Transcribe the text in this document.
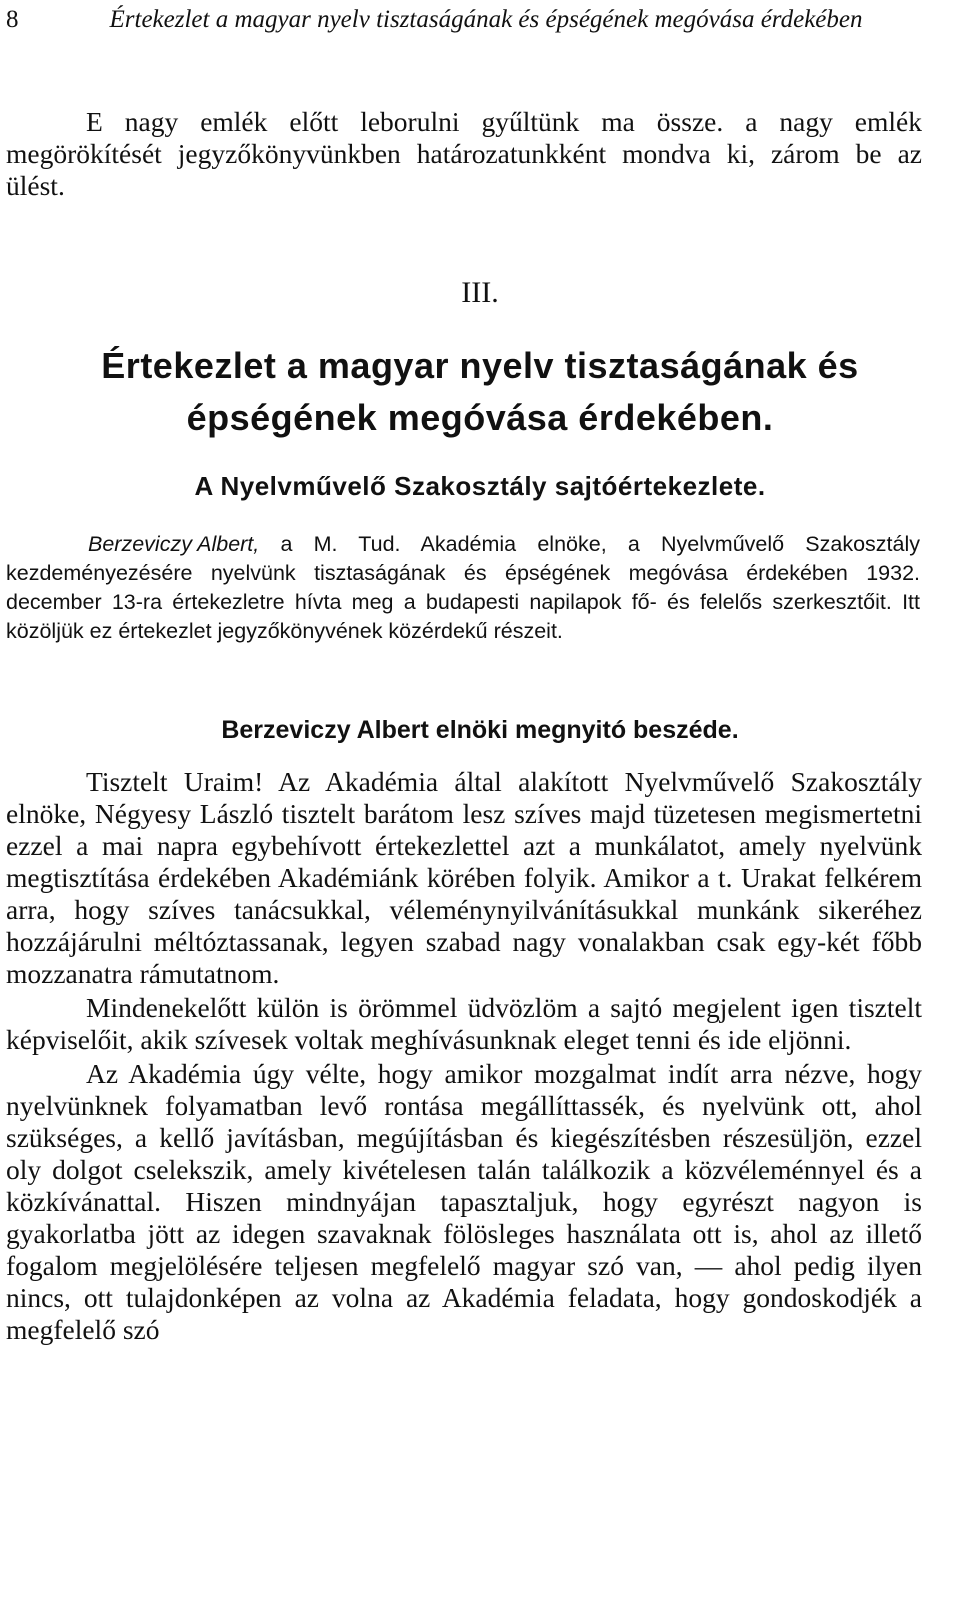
8	Értekezlet a magyar nyelv tisztaságának és épségének megóvása érdekében

E nagy emlék előtt leborulni gyűltünk ma össze. a nagy emlék megörökítését jegyzőkönyvünkben határozatunkként mondva ki, zárom be az ülést.

III.
Értekezlet a magyar nyelv tisztaságának és épségének megóvása érdekében.
A Nyelvművelő Szakosztály sajtóértekezlete.
Berzeviczy Albert, a M. Tud. Akadémia elnöke, a Nyelvművelő Szakosztály kezdeményezésére nyelvünk tisztaságának és épségének megóvása érdekében 1932. december 13-ra értekezletre hívta meg a budapesti napilapok fő- és felelős szerkesztőit. Itt közöljük ez értekezlet jegyzőkönyvének közérdekű részeit.
Berzeviczy Albert elnöki megnyitó beszéde.

Tisztelt Uraim! Az Akadémia által alakított Nyelvművelő Szakosztály elnöke, Négyesy László tisztelt barátom lesz szíves majd tüzetesen megismertetni ezzel a mai napra egybehívott értekezlettel azt a munkálatot, amely nyelvünk megtisztítása érdekében Akadémiánk körében folyik. Amikor a t. Urakat felkérem arra, hogy szíves tanácsukkal, véleménynyilvánításukkal munkánk sikeréhez hozzájárulni méltóztassanak, legyen szabad nagy vonalakban csak egy-két főbb mozzanatra rámutatnom.

Mindenekelőtt külön is örömmel üdvözlöm a sajtó megjelent igen tisztelt képviselőit, akik szívesek voltak meghívásunknak eleget tenni és ide eljönni.

Az Akadémia úgy vélte, hogy amikor mozgalmat indít arra nézve, hogy nyelvünknek folyamatban levő rontása megállíttassék, és nyelvünk ott, ahol szükséges, a kellő javításban, megújításban és kiegészítésben részesüljön, ezzel oly dolgot cselekszik, amely kivételesen talán találkozik a közvéleménnyel és a közkívánattal. Hiszen mindnyájan tapasztaljuk, hogy egyrészt nagyon is gyakorlatba jött az idegen szavaknak fölösleges használata ott is, ahol az illető fogalom megjelölésére teljesen megfelelő magyar szó van, — ahol pedig ilyen nincs, ott tulajdonképen az volna az Akadémia feladata, hogy gondoskodjék a megfelelő szó
